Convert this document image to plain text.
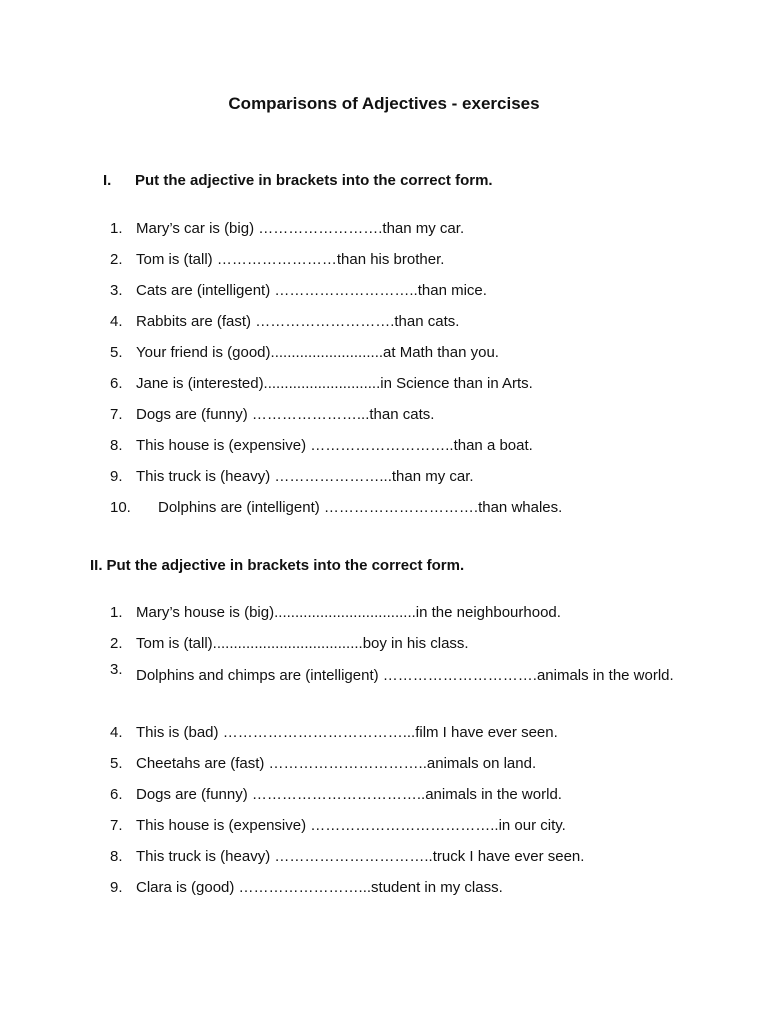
Comparisons of Adjectives - exercises
I. Put the adjective in brackets into the correct form.
1. Mary’s car is (big) …………………….than my car.
2. Tom is (tall) ……………………than his brother.
3. Cats are (intelligent) ………………………..than mice.
4. Rabbits are (fast) ……………………….than cats.
5. Your friend is (good)...........................at Math than you.
6. Jane is (interested)............................in Science than in Arts.
7. Dogs are (funny) …………………...than cats.
8. This house is (expensive) ………………………..than a boat.
9. This truck is (heavy) …………………...than my car.
10.	Dolphins are (intelligent) ………………………….than whales.
II. Put the adjective in brackets into the correct form.
1. Mary’s house is (big)..................................in the neighbourhood.
2. Tom is (tall)....................................boy in his class.
3. Dolphins and chimps are (intelligent) ………………………….animals in the world.
4. This is (bad) ………………………………...film I have ever seen.
5. Cheetahs are (fast) …………………………..animals on land.
6. Dogs are (funny) ……………………………..animals in the world.
7. This house is (expensive) ………………………………..in our city.
8. This truck is (heavy) …………………………..truck I have ever seen.
9. Clara is (good) ……………………...student in my class.
